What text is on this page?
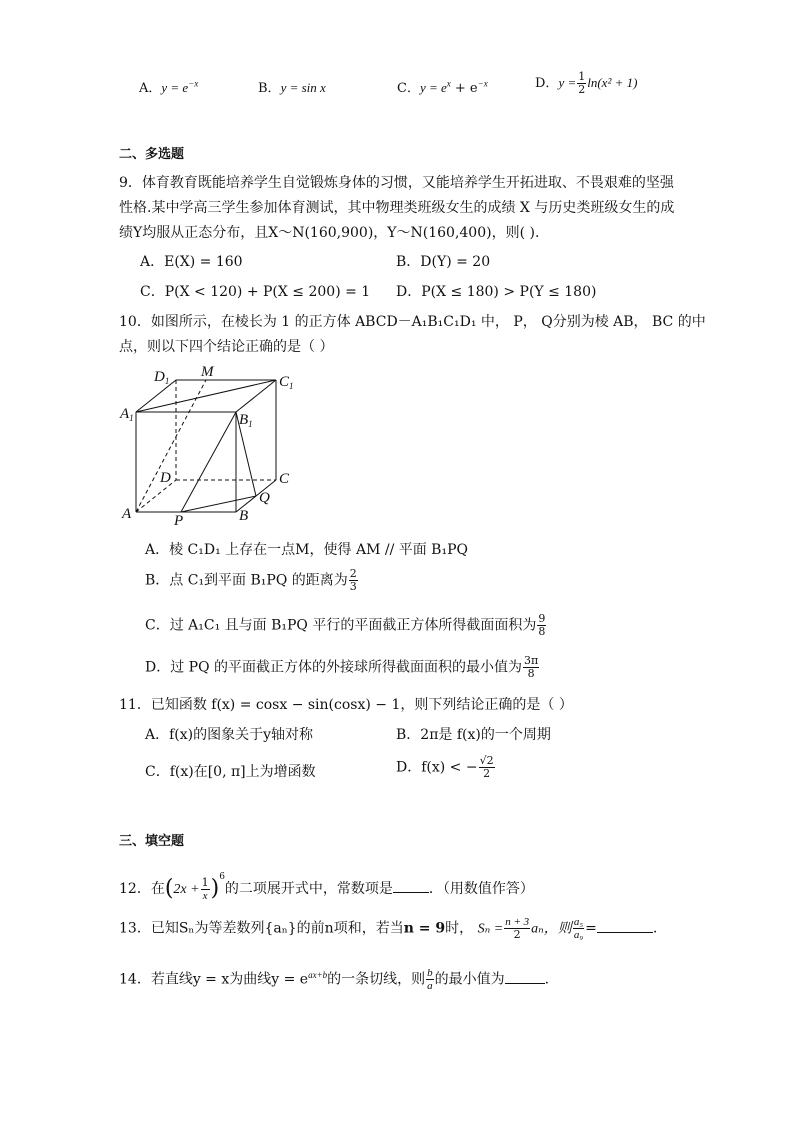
A．$y = e^{-x}$	B．y = sin x	C．$y = e^x + e^{-x}$	D．$y = \frac{1}{2} \ln(x^2 + 1)$
二、多选题
9．体育教育既能培养学生自觉锻炼身体的习惯，又能培养学生开拓进取、不畏艰难的坚强
性格.某中学高三学生参加体育测试，其中物理类班级女生的成绩 X 与历史类班级女生的成
绩Y均服从正态分布，且X～N(160,900)，Y～N(160,400)，则( ).
A．E(X) = 160	B．D(Y) = 20
C．P(X < 120) + P(X ≤ 200) = 1 D．P(X ≤ 180) > P(Y ≤ 180)
10．如图所示，在棱长为 1 的正方体 ABCD－A₁B₁C₁D₁ 中， P， Q分别为棱 AB， BC 的中
点，则以下四个结论正确的是（ ）
$D_1$
M
$C_1$
$A_1$	$B_1$
D	C
A	P	B
Q
A．棱 C₁D₁ 上存在一点M，使得 AM // 平面 B₁PQ
B．点 C₁到平面 B₁PQ 的距离为 $\frac{2}{3}$
C．过 A₁C₁ 且与面 B₁PQ 平行的平面截正方体所得截面面积为 $\frac{9}{8}$
D．过 PQ 的平面截正方体的外接球所得截面面积的最小值为 $\frac{3\pi}{8}$
11．已知函数 f(x) = cosx − sin(cosx) − 1，则下列结论正确的是（ ）
A．f(x)的图象关于y轴对称	B．2π是 f(x)的一个周期
C．f(x)在[0, π]上为增函数	D．f(x) < − $\frac{√2}{2}$
三、填空题
12．在$(2x + \frac{1}{x} )^6$的二项展开式中，常数项是	．（用数值作答）
13．已知Sₙ为等差数列{aₙ}的前n项和，若当n = 9时， $S_n = \frac{n + 3}{2}$ aₙ，则 $\frac{\text{a₅}}{\text{a₉}}$ =	.
14．若直线y = x为曲线$y = e^{ax+b}$的一条切线，则 $\frac{b}{a}$ 的最小值为	.
